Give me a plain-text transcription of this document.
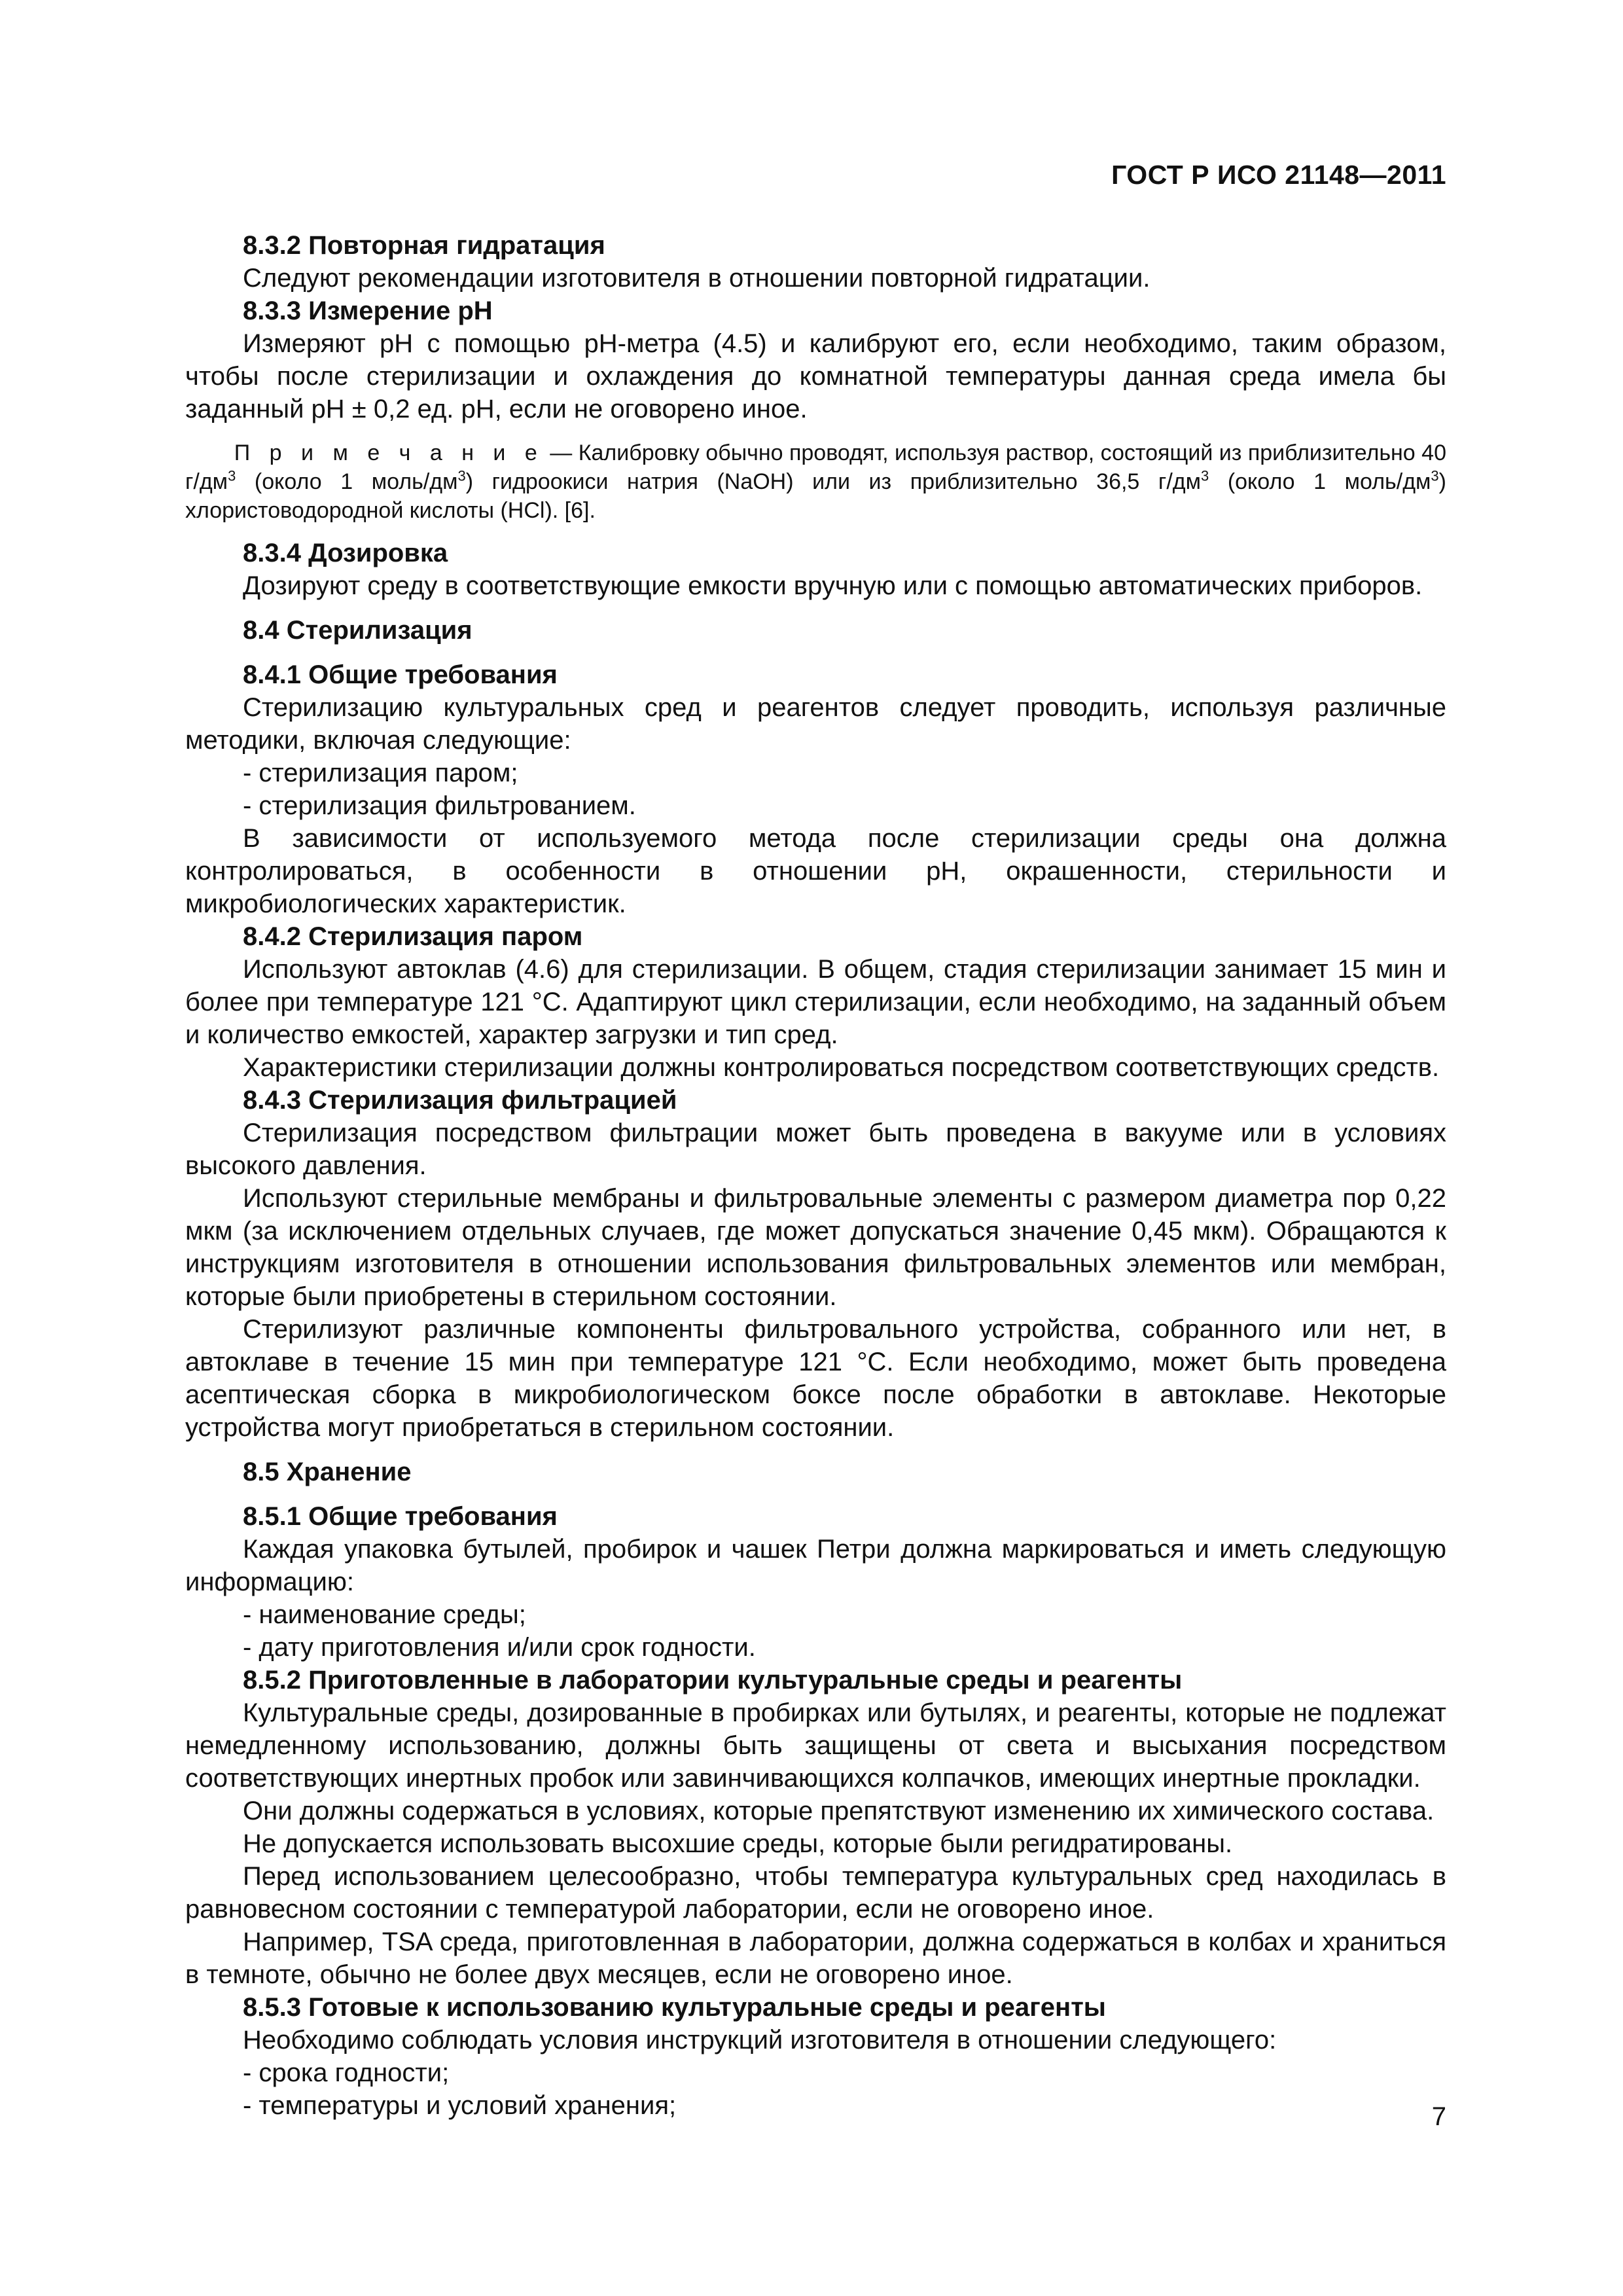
ГОСТ Р ИСО 21148—2011

8.3.2 Повторная гидратация

Следуют рекомендации изготовителя в отношении повторной гидратации.

8.3.3 Измерение pH

Измеряют pH с помощью pH-метра (4.5) и калибруют его, если необходимо, таким образом, чтобы после стерилизации и охлаждения до комнатной температуры данная среда имела бы заданный pH ± 0,2 ед. pH, если не оговорено иное.

П р и м е ч а н и е — Калибровку обычно проводят, используя раствор, состоящий из приблизительно 40 $г/дм^3$ (около 1 моль/$дм^3$) гидроокиси натрия (NaOH) или из приблизительно 36,5 $г/дм^3$ (около 1 моль/$дм^3$) хлористоводородной кислоты (HCl). [6].

8.3.4 Дозировка

Дозируют среду в соответствующие емкости вручную или с помощью автоматических приборов.

8.4 Стерилизация

8.4.1 Общие требования

Стерилизацию культуральных сред и реагентов следует проводить, используя различные методики, включая следующие:

- стерилизация паром;

- стерилизация фильтрованием.

В зависимости от используемого метода после стерилизации среды она должна контролироваться, в особенности в отношении pH, окрашенности, стерильности и микробиологических характеристик.

8.4.2 Стерилизация паром

Используют автоклав (4.6) для стерилизации. В общем, стадия стерилизации занимает 15 мин и более при температуре 121 °С. Адаптируют цикл стерилизации, если необходимо, на заданный объем и количество емкостей, характер загрузки и тип сред.

Характеристики стерилизации должны контролироваться посредством соответствующих средств.

8.4.3 Стерилизация фильтрацией

Стерилизация посредством фильтрации может быть проведена в вакууме или в условиях высокого давления.

Используют стерильные мембраны и фильтровальные элементы с размером диаметра пор 0,22 мкм (за исключением отдельных случаев, где может допускаться значение 0,45 мкм). Обращаются к инструкциям изготовителя в отношении использования фильтровальных элементов или мембран, которые были приобретены в стерильном состоянии.

Стерилизуют различные компоненты фильтровального устройства, собранного или нет, в автоклаве в течение 15 мин при температуре 121 °С. Если необходимо, может быть проведена асептическая сборка в микробиологическом боксе после обработки в автоклаве. Некоторые устройства могут приобретаться в стерильном состоянии.

8.5 Хранение

8.5.1 Общие требования

Каждая упаковка бутылей, пробирок и чашек Петри должна маркироваться и иметь следующую информацию:

- наименование среды;

- дату приготовления и/или срок годности.

8.5.2 Приготовленные в лаборатории культуральные среды и реагенты

Культуральные среды, дозированные в пробирках или бутылях, и реагенты, которые не подлежат немедленному использованию, должны быть защищены от света и высыхания посредством соответствующих инертных пробок или завинчивающихся колпачков, имеющих инертные прокладки.

Они должны содержаться в условиях, которые препятствуют изменению их химического состава.

Не допускается использовать высохшие среды, которые были регидратированы.

Перед использованием целесообразно, чтобы температура культуральных сред находилась в равновесном состоянии с температурой лаборатории, если не оговорено иное.

Например, TSA среда, приготовленная в лаборатории, должна содержаться в колбах и храниться в темноте, обычно не более двух месяцев, если не оговорено иное.

8.5.3 Готовые к использованию культуральные среды и реагенты

Необходимо соблюдать условия инструкций изготовителя в отношении следующего:

- срока годности;

- температуры и условий хранения;	7
